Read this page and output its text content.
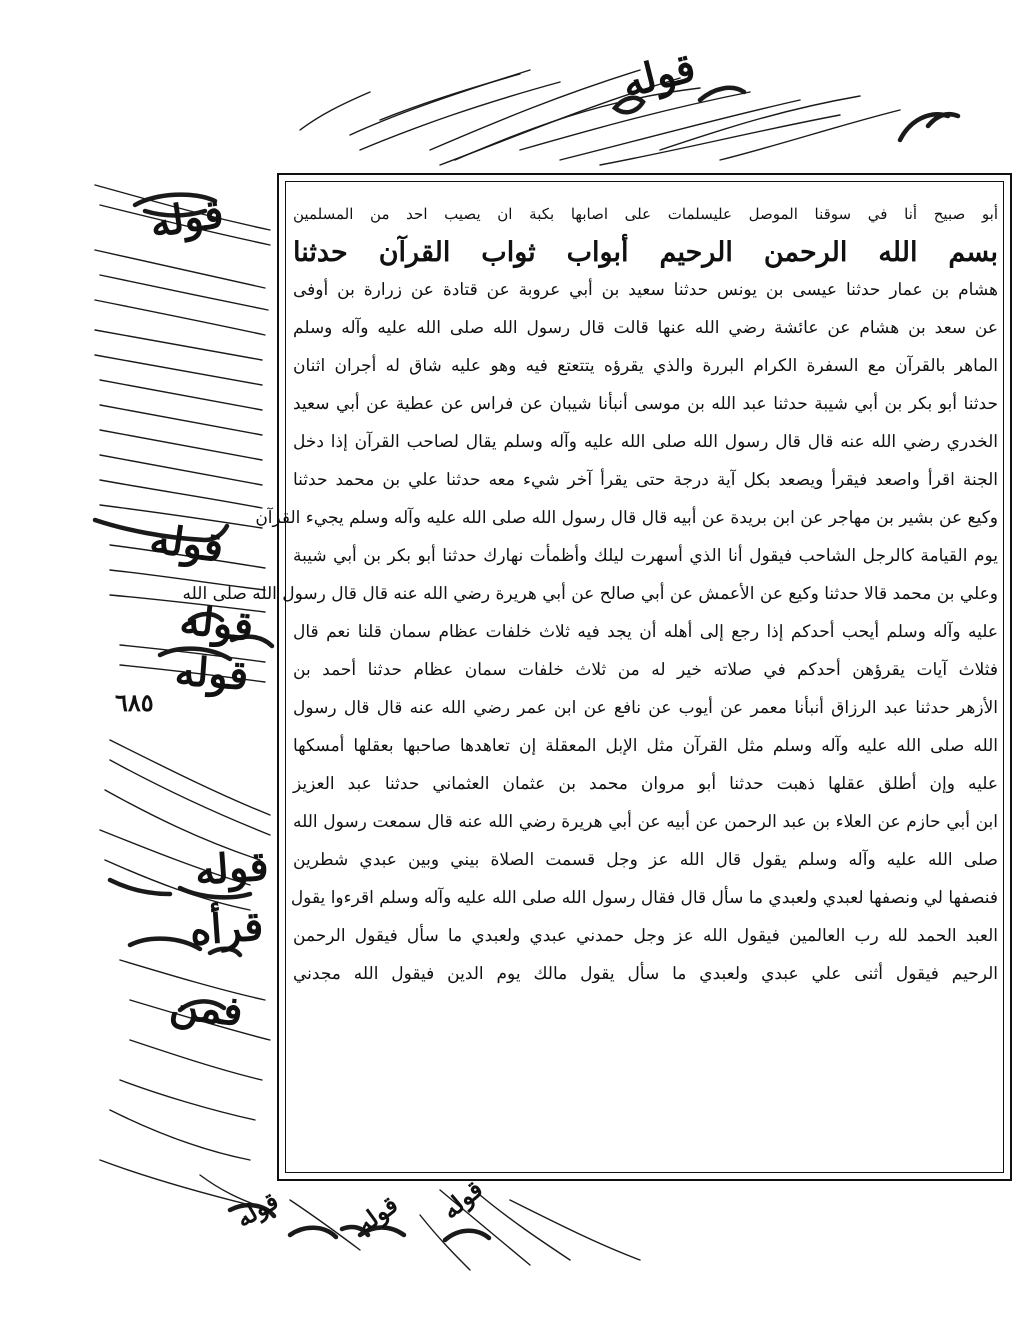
قوله
قوله
قوله
قوله
قوله
قوله
قرأه
فمن
قوله	قوله قوله
٦٨٥
أبو صبيح أنا في سوقنا الموصل عليسلمات على اصابها بكبة ان يصيب احد من المسلمين
بسم الله الرحمن الرحيم أبواب ثواب القرآن حدثنا
هشام بن عمار حدثنا عيسى بن يونس حدثنا سعيد بن أبي عروبة عن قتادة عن زرارة بن أوفى
عن سعد بن هشام عن عائشة رضي الله عنها قالت قال رسول الله صلى الله عليه وآله وسلم
الماهر بالقرآن مع السفرة الكرام البررة والذي يقرؤه يتتعتع فيه وهو عليه شاق له أجران اثنان
حدثنا أبو بكر بن أبي شيبة حدثنا عبد الله بن موسى أنبأنا شيبان عن فراس عن عطية عن أبي سعيد
الخدري رضي الله عنه قال قال رسول الله صلى الله عليه وآله وسلم يقال لصاحب القرآن إذا دخل
الجنة اقرأ واصعد فيقرأ ويصعد بكل آية درجة حتى يقرأ آخر شيء معه حدثنا علي بن محمد حدثنا
وكيع عن بشير بن مهاجر عن ابن بريدة عن أبيه قال قال رسول الله صلى الله عليه وآله وسلم يجيء القرآن
يوم القيامة كالرجل الشاحب فيقول أنا الذي أسهرت ليلك وأظمأت نهارك حدثنا أبو بكر بن أبي شيبة
وعلي بن محمد قالا حدثنا وكيع عن الأعمش عن أبي صالح عن أبي هريرة رضي الله عنه قال قال رسول الله صلى الله
عليه وآله وسلم أيحب أحدكم إذا رجع إلى أهله أن يجد فيه ثلاث خلفات عظام سمان قلنا نعم قال
فثلاث آيات يقرؤهن أحدكم في صلاته خير له من ثلاث خلفات سمان عظام حدثنا أحمد بن
الأزهر حدثنا عبد الرزاق أنبأنا معمر عن أيوب عن نافع عن ابن عمر رضي الله عنه قال قال رسول
الله صلى الله عليه وآله وسلم مثل القرآن مثل الإبل المعقلة إن تعاهدها صاحبها بعقلها أمسكها
عليه وإن أطلق عقلها ذهبت حدثنا أبو مروان محمد بن عثمان العثماني حدثنا عبد العزيز
ابن أبي حازم عن العلاء بن عبد الرحمن عن أبيه عن أبي هريرة رضي الله عنه قال سمعت رسول الله
صلى الله عليه وآله وسلم يقول قال الله عز وجل قسمت الصلاة بيني وبين عبدي شطرين
فنصفها لي ونصفها لعبدي ولعبدي ما سأل قال فقال رسول الله صلى الله عليه وآله وسلم اقرءوا يقول
العبد الحمد لله رب العالمين فيقول الله عز وجل حمدني عبدي ولعبدي ما سأل فيقول الرحمن
الرحيم فيقول أثنى علي عبدي ولعبدي ما سأل يقول مالك يوم الدين فيقول الله مجدني
